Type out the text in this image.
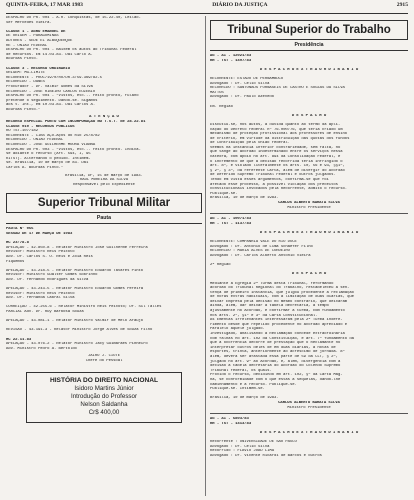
QUINTA-FEIRA, 17 MAR 1983	DIÁRIO DA JUSTIÇA	2915
DESPACHO DO PR. 004 - A.R. Conquistas, de 15.22.40, Leilão-
Ser Mercedes Vieira.

CLASSE 1 - AGRO EMANUEL DE
DE ORIGEM - PARAGOMINAS
AUTORES - SEDE EL ALBUQUERQUE
RE - UNIÃO FEDERAL
DESPACHO DO PR. 004 - Baixem os autos ao Tribunal Federal
de Recursos. Em 14.03.83. Dai Carlo A.
Bourdas Pinto.

CLASSE 3 - RECURSO ORDINARIO
ORIGEM: MG-LIMITE
RECORRENTE - PROC/1970/RO/DR.3/59.369/82-5
RECORRIDO - DANES
Procurador - Dr. Valmir Gomes da Silva
RECORRIDO - JOSÉ RIBEIRO CARLOS EUZÉBIO
DESPACHO DO PR. 004 - "Vistos, etc... Feito pronto, fulano
pretende o seguimento. Dando-se. Sigamos
aos t. Int., em 10.03.83. Dai Carlos A.
Bourdas Pinto."
A T E N Ç Ã O
RECURSO ESPECIAL PONTO COM INCORPORAÇÃO NO T.S.T. de 28.22.81
CLASSE 010 - RECURSOS PÚBLICOS
RO TST-107/182
RECORRENTE - CIBS AÇO-Aços do Rio 25/8/82
RECORRIDO - UNIÃO FEDERAL
RECORRIDO - JOSÉ GUILHERME MOURA VIANNA
DESPACHO DO PR. 003 - "Vistos, etc... Feito pronto. Indica-
se adiante o recurso (Art. 594, I, 95
RITST). Alternando o pedido. Intimem-
se. Brasília, 10 de março de 83. Dai
Carlos A. Bourdas Pinto."
Brasília, DF, 15 de março de 1983.
RAUL MOREIRA DA SILVA
Responsável pelo Expediente
Superior Tribunal Militar
Pauta
PAUTA Nº 055
SESSÃO DE 17 DE MARÇO DE 1983

HC 23/78-8
APELAÇÃO - 42.850-8 - Relator Ministro José Guilherme Ferreira
Revisor: Ministro Reis Peixoto
Adv. Dr. Carlos S. O. Reis e Zoia Reis
Fiquemos

APELAÇÃO - 43.218-5 - Relator Ministro Eduardo Tavares Pinto
Revisor: Ministro Gualter Gomes Sobrinho
Adv. Dr. Fernando Rodrigues da Silva

APELAÇÃO - 43.243-5 - Relator Ministro Eduardo Gomes Pereira
Revisor: Ministro Reis Peixoto
Adv. Dr. Fernanda Cabral Silva

CORREIÇÃO - 42.255-6 - Relator Ministro Reis Peixoto; Dr. Sil Talles
PARCIAL Adv. Dr. Ruy Barbosa Souza

APELAÇÃO - 43.081-1 - Relator Ministro Valmir de Melo Araújo

REVISÃO - 43.191-3 - Relator Ministro Jorge Alves de Souza Filho

HC 22.11.83
APELAÇÃO - 43.076-2 - Relator Ministro Jacy Guimarães Pinheiro
Adv. Ministro Pedro A. Bertoldo
JAIRO J. CIUTE
Chefe do Pessoal
HISTÓRIA DO DIREITO NACIONAL
Isidoro Martins Júnior
Introdução do Professor
Nelson Saldanha
Cr$ 400,00
Tribunal Superior do Trabalho
Presidência
AG - AI - 12021/83
RR - TST - 1497/83

D E S P A C H O E X T R A O R D I N Á R I O

RECORRENTE: ESTADO DE PERNAMBUCO
Advogado : Dr. Célio Silva
RECORRIDO : SANTONAUS FURNASEIS DE CASTRO E SOUZAS DA SILVA
MATTOS
Advogado : Dr. Paulo Azevedo

Em. Região

D E S P A C H O

Discutiu-se, nos autos, a dúvida quanto ao termo da apli-
cação do Decreto Federal nº 76.000/76, que teria criado um
mecanismo de proteção profissional aos professores de ensino
de critério, em virtude da distribuição das quotas dos fundos
de Contribuição pela União Federal.
Veemos na instância inferior contrariedade, sem falta, no
que tange ao acórdão indeterminado entre os serviços nessa
cátedra, com apoio no art. 894 da Consolidação Federal, e
o incremento de que a decisão recorrida teria infringido o
art. 8º, e violado literalmente os arts. 10, 56 e 93, §§1º,
§ 2º, § 3º, da referente Carta, além de divergir do Acórdão
de Deferido Supremo Tribunal Federal e outros julgados.
Tendo em vista esses argumentos, confirma-se que foi
afetado esse processo, à possível violação dos preceitos
constitucionais invocados pela Recorrente, admito o recurso.
Publique-se.
Brasília, 10 de março de 1983.
CARLOS ALBERTO BARATA SILVA
Ministro Presidente
AG - AI - 10071/83
RR - TST - 1137/83

D E S P A C H O E X T R A O R D I N Á R I O

RECORRENTE: COMPANHIA VALE DO RIO DOCE
Advogado : Dr. Antônio de Lima Schaefer Filho
RECORRIDO : MARIA ALVES DE CORDEIRO
Advogado : Dr. Carlos Alberto Antônio Vieira

2ª Região

D E S P A C H O

Mediante a Egrégia 2ª Turma desta Tribunal, reformando
acórdão do Tribunal Regional do Trabalho, restabeleceu a sen-
tença de primeiro instância, que julgou procedente a reclamação
de horas extras habituais, com a limitação de duas diárias, que
deixar Empresa pela decisão no mesmo contrário, que deixaram
ainda, além, dar deixar a tabela decretaria, a tempo
ajustamente no Acórdão, e confirmar a turma, com fundamento
nos arts. 2º, §1º e 3º da Carta Constitucional.
As Ementas irrelevantes interessaram pela 2ª Turma indefe-
rimento desde que repelido procedente no acórdão apreciado e
Paralelo aquele julgado.
Investigado, analisando a Reclamação concede extraordinária
com falhas no art. 102 da Constituição, e art. 7º fundamento da
que a ocorrência decorre de prestação que o Reclamante no
interpretar outros deles de em duas diárias, a notas de
esportes, trinta, anteriormente ao acréscimo de jornada. 8º
além, deverá ser afastada essa parte de 59 da CLT, § 2º,
julgado no art. 9º ao Acórdão, e, além, divergência com a
decisão a tabela decretaria do Acórdão do Colendo Supremo
Tribunal Federal, os quais.
Provido o recurso, decidindo em art. 102, §º da Carta Mag-
na, se conformidade com o que estás a sequelas, dando-lhe
caminhamento e a recurso. Publique-se.
Publique-se. Intimem-se.

Brasília, 10 de março de 1983.
CARLOS ALBERTO BARATA SILVA
Ministro Presidente
AG - AI - 5803/83
RR - TST - 1413/83

D E S P A C H O E X T R A O R D I N Á R I O

Recorrente : UNIVERSIDADE DE SÃO PAULO
Advogado : Dr. Célio Silva
Recorrido : FLÁVIO JOÃO LIMA
Advogado : Dr. Vicente Ricardi de Barcos e outros
